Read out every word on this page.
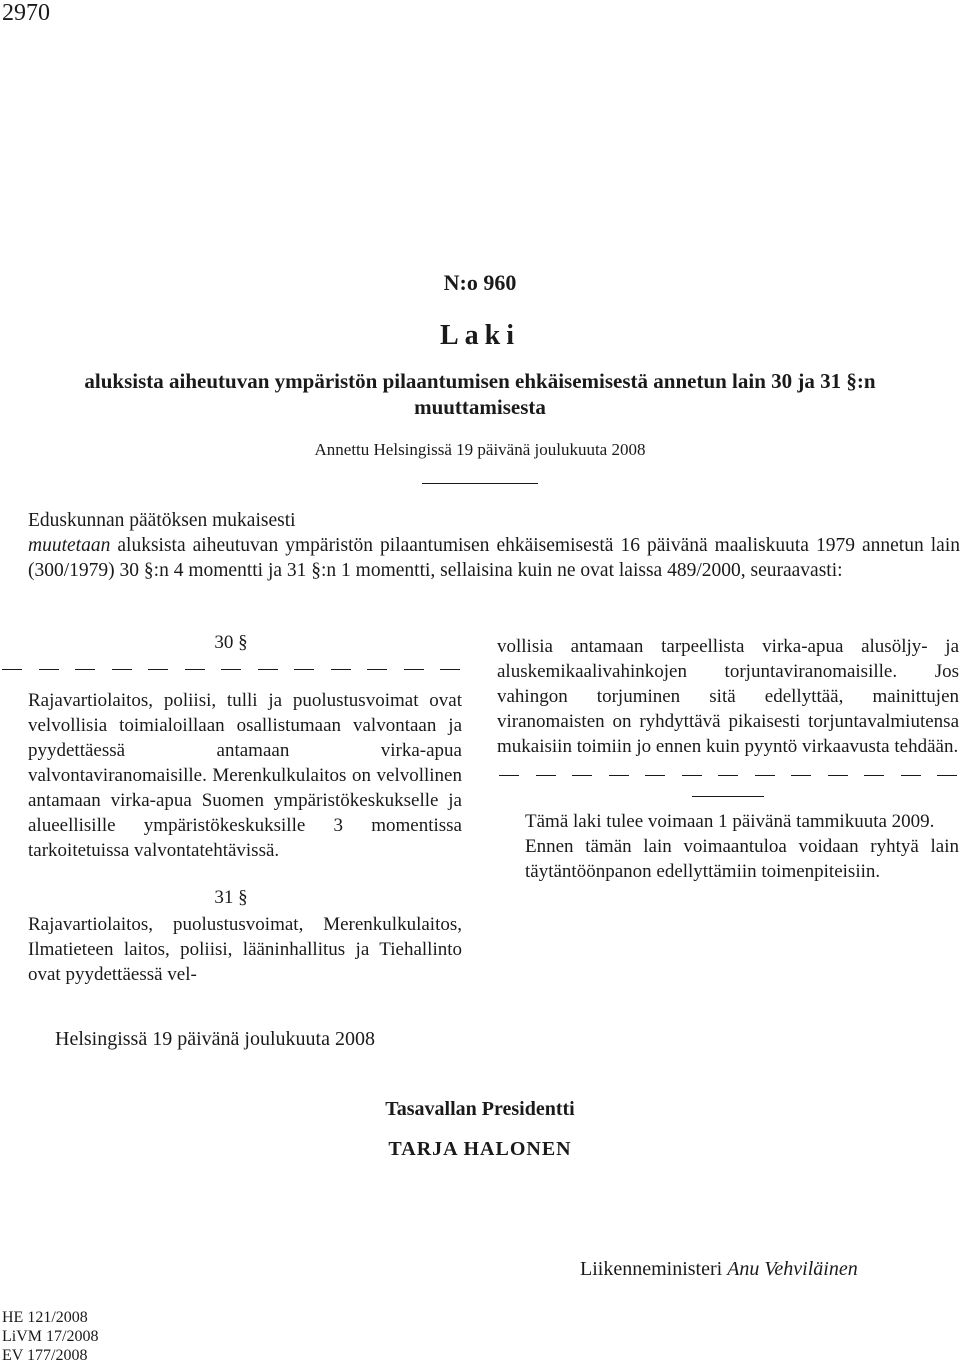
2970
N:o 960
Laki
aluksista aiheutuvan ympäristön pilaantumisen ehkäisemisestä annetun lain 30 ja 31 §:n
muuttamisesta
Annettu Helsingissä 19 päivänä joulukuuta 2008

Eduskunnan päätöksen mukaisesti

muutetaan aluksista aiheutuvan ympäristön pilaantumisen ehkäisemisestä 16 päivänä maaliskuuta 1979 annetun lain (300/1979) 30 §:n 4 momentti ja 31 §:n 1 momentti, sellaisina kuin ne ovat laissa 489/2000, seuraavasti:

30 §

Rajavartiolaitos, poliisi, tulli ja puolustusvoimat ovat velvollisia toimialoillaan osallistumaan valvontaan ja pyydettäessä antamaan virka-apua valvontaviranomaisille. Merenkulkulaitos on velvollinen antamaan virka-apua Suomen ympäristökeskukselle ja alueellisille ympäristökeskuksille 3 momentissa tarkoitetuissa valvontatehtävissä.

31 §

Rajavartiolaitos, puolustusvoimat, Merenkulkulaitos, Ilmatieteen laitos, poliisi, lääninhallitus ja Tiehallinto ovat pyydettäessä vel-

vollisia antamaan tarpeellista virka-apua alusöljy- ja aluskemikaalivahinkojen torjuntaviranomaisille. Jos vahingon torjuminen sitä edellyttää, mainittujen viranomaisten on ryhdyttävä pikaisesti torjuntavalmiutensa mukaisiin toimiin jo ennen kuin pyyntö virkaavusta tehdään.

Tämä laki tulee voimaan 1 päivänä tammikuuta 2009.

Ennen tämän lain voimaantuloa voidaan ryhtyä lain täytäntöönpanon edellyttämiin toimenpiteisiin.

Helsingissä 19 päivänä joulukuuta 2008
Tasavallan Presidentti
TARJA HALONEN
Liikenneministeri Anu Vehviläinen
HE 121/2008
LiVM 17/2008
EV 177/2008
